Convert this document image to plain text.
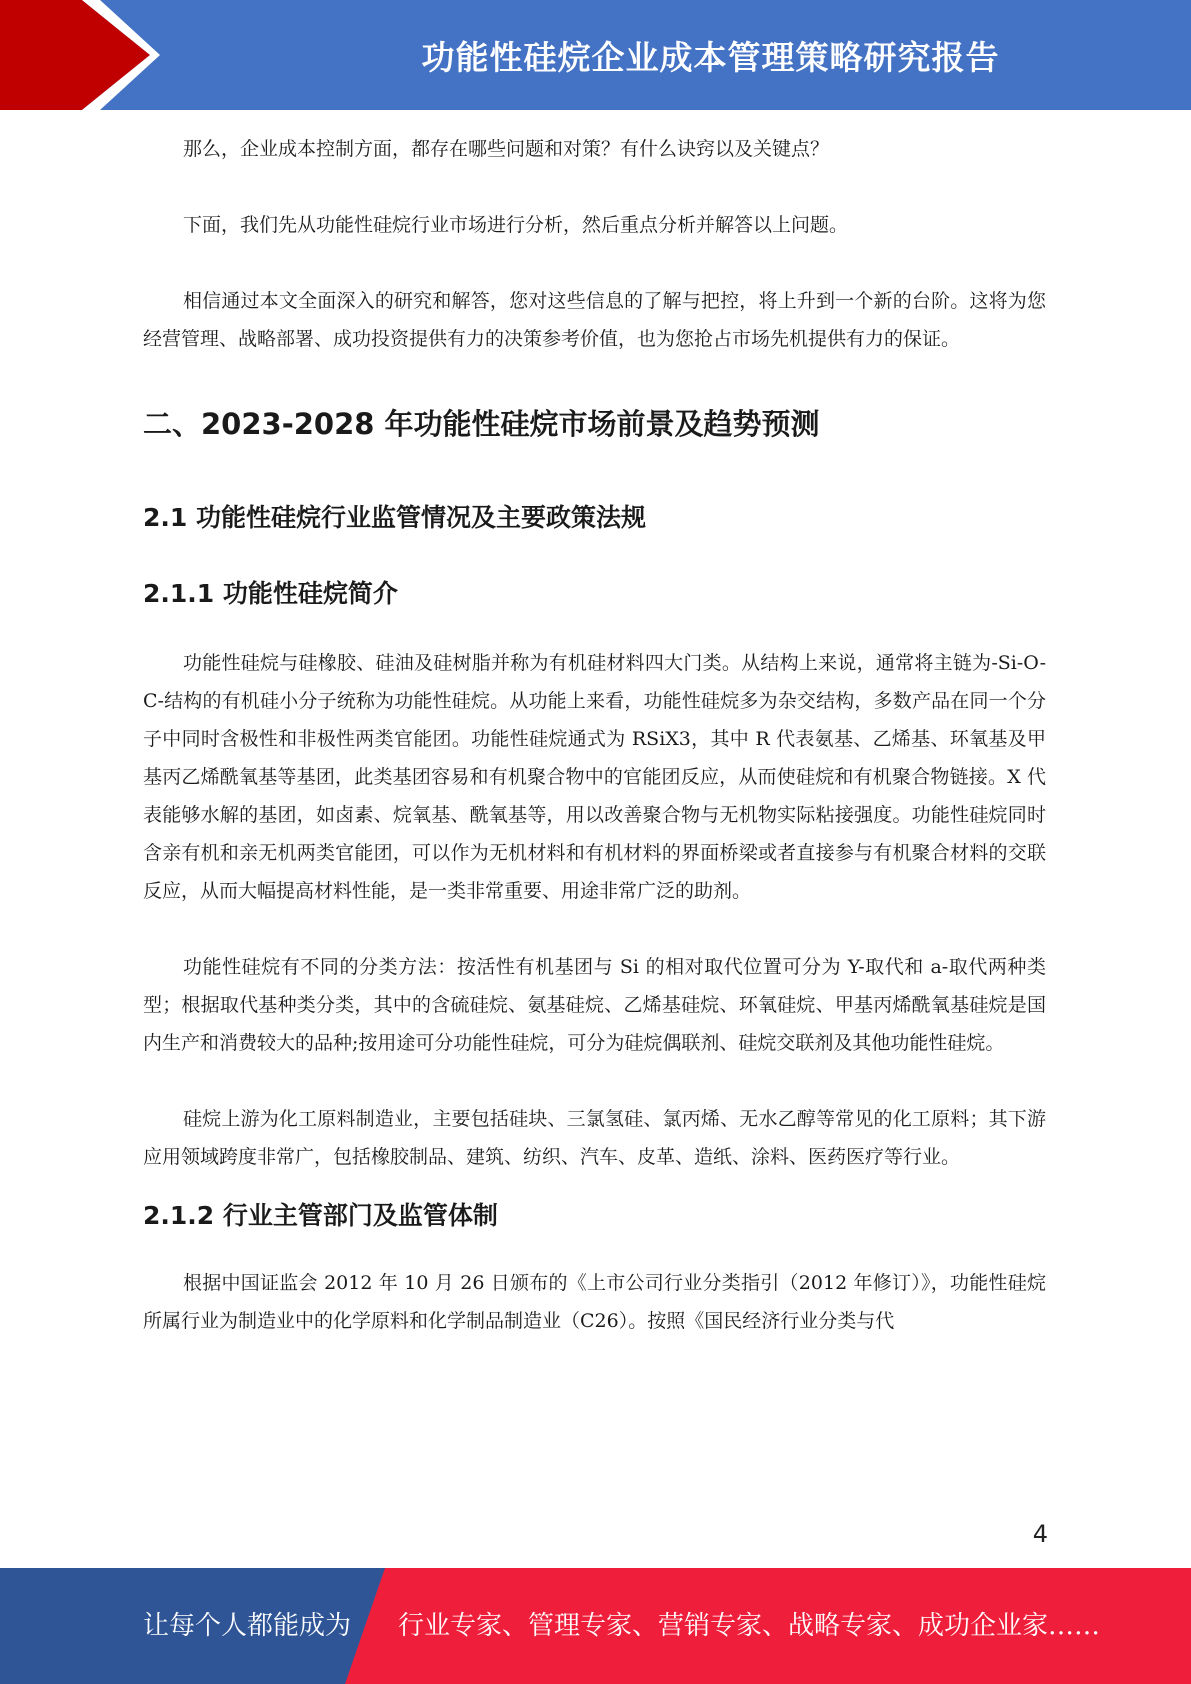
功能性硅烷企业成本管理策略研究报告

那么，企业成本控制方面，都存在哪些问题和对策？有什么诀窍以及关键点？

下面，我们先从功能性硅烷行业市场进行分析，然后重点分析并解答以上问题。

相信通过本文全面深入的研究和解答，您对这些信息的了解与把控，将上升到一个新的台阶。这将为您经营管理、战略部署、成功投资提供有力的决策参考价值，也为您抢占市场先机提供有力的保证。

二、2023-2028 年功能性硅烷市场前景及趋势预测
2.1 功能性硅烷行业监管情况及主要政策法规
2.1.1 功能性硅烷简介

功能性硅烷与硅橡胶、硅油及硅树脂并称为有机硅材料四大门类。从结构上来说，通常将主链为-Si-O-C-结构的有机硅小分子统称为功能性硅烷。从功能上来看，功能性硅烷多为杂交结构，多数产品在同一个分子中同时含极性和非极性两类官能团。功能性硅烷通式为 RSiX3，其中 R 代表氨基、乙烯基、环氧基及甲基丙乙烯酰氧基等基团，此类基团容易和有机聚合物中的官能团反应，从而使硅烷和有机聚合物链接。X 代表能够水解的基团，如卤素、烷氧基、酰氧基等，用以改善聚合物与无机物实际粘接强度。功能性硅烷同时含亲有机和亲无机两类官能团，可以作为无机材料和有机材料的界面桥梁或者直接参与有机聚合材料的交联反应，从而大幅提高材料性能，是一类非常重要、用途非常广泛的助剂。

功能性硅烷有不同的分类方法：按活性有机基团与 Si 的相对取代位置可分为 Y-取代和 a-取代两种类型；根据取代基种类分类，其中的含硫硅烷、氨基硅烷、乙烯基硅烷、环氧硅烷、甲基丙烯酰氧基硅烷是国内生产和消费较大的品种;按用途可分功能性硅烷，可分为硅烷偶联剂、硅烷交联剂及其他功能性硅烷。

硅烷上游为化工原料制造业，主要包括硅块、三氯氢硅、氯丙烯、无水乙醇等常见的化工原料；其下游应用领域跨度非常广，包括橡胶制品、建筑、纺织、汽车、皮革、造纸、涂料、医药医疗等行业。

2.1.2 行业主管部门及监管体制

根据中国证监会 2012 年 10 月 26 日颁布的《上市公司行业分类指引（2012 年修订）》，功能性硅烷所属行业为制造业中的化学原料和化学制品制造业（C26）。按照《国民经济行业分类与代

4
让每个人都能成为 行业专家、管理专家、营销专家、战略专家、成功企业家……
